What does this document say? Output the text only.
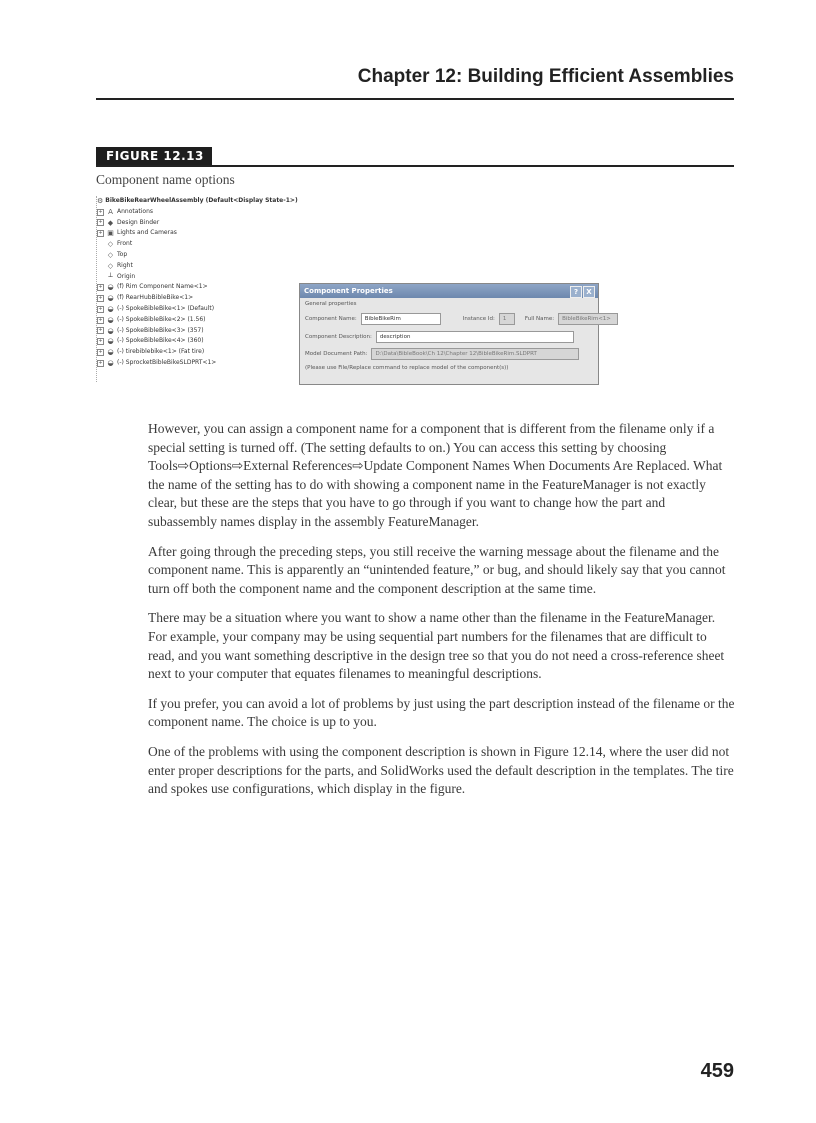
Chapter 12: Building Efficient Assemblies
FIGURE 12.13
Component name options
⚙ BikeBikeRearWheelAssembly (Default<Display State-1>)
+ A Annotations
+ ◆ Design Binder
+ ▣ Lights and Cameras
◇ Front
◇ Top
◇ Right
┴ Origin
+ ◒ (f) Rim Component Name<1>
+ ◒ (f) RearHubBibleBike<1>
+ ◒ (-) SpokeBibleBike<1> (Default)
+ ◒ (-) SpokeBibleBike<2> (1.56)
+ ◒ (-) SpokeBibleBike<3> (357)
+ ◒ (-) SpokeBibleBike<4> (360)
+ ◒ (-) tirebiblebike<1> (Fat tire)
+ ◒ (-) SprocketBibleBikeSLDPRT<1>
Component Properties	?	X
General properties
Component Name:	BibleBikeRim	Instance Id:	1	Full Name:	BibleBikeRim<1>
Component Description:	description
Model Document Path:	D:\Data\BibleBook\Ch 12\Chapter 12\BibleBikeRim.SLDPRT
(Please use File/Replace command to replace model of the component(s))

However, you can assign a component name for a component that is different from the filename only if a special setting is turned off. (The setting defaults to on.) You can access this setting by choosing Tools⇨Options⇨External References⇨Update Component Names When Documents Are Replaced. What the name of the setting has to do with showing a component name in the FeatureManager is not exactly clear, but these are the steps that you have to go through if you want to change how the part and subassembly names display in the assembly FeatureManager.

After going through the preceding steps, you still receive the warning message about the filename and the component name. This is apparently an “unintended feature,” or bug, and should likely say that you cannot turn off both the component name and the component description at the same time.

There may be a situation where you want to show a name other than the filename in the FeatureManager. For example, your company may be using sequential part numbers for the filenames that are difficult to read, and you want something descriptive in the design tree so that you do not need a cross-reference sheet next to your computer that equates filenames to meaningful descriptions.

If you prefer, you can avoid a lot of problems by just using the part description instead of the filename or the component name. The choice is up to you.

One of the problems with using the component description is shown in Figure 12.14, where the user did not enter proper descriptions for the parts, and SolidWorks used the default description in the templates. The tire and spokes use configurations, which display in the figure.

459
